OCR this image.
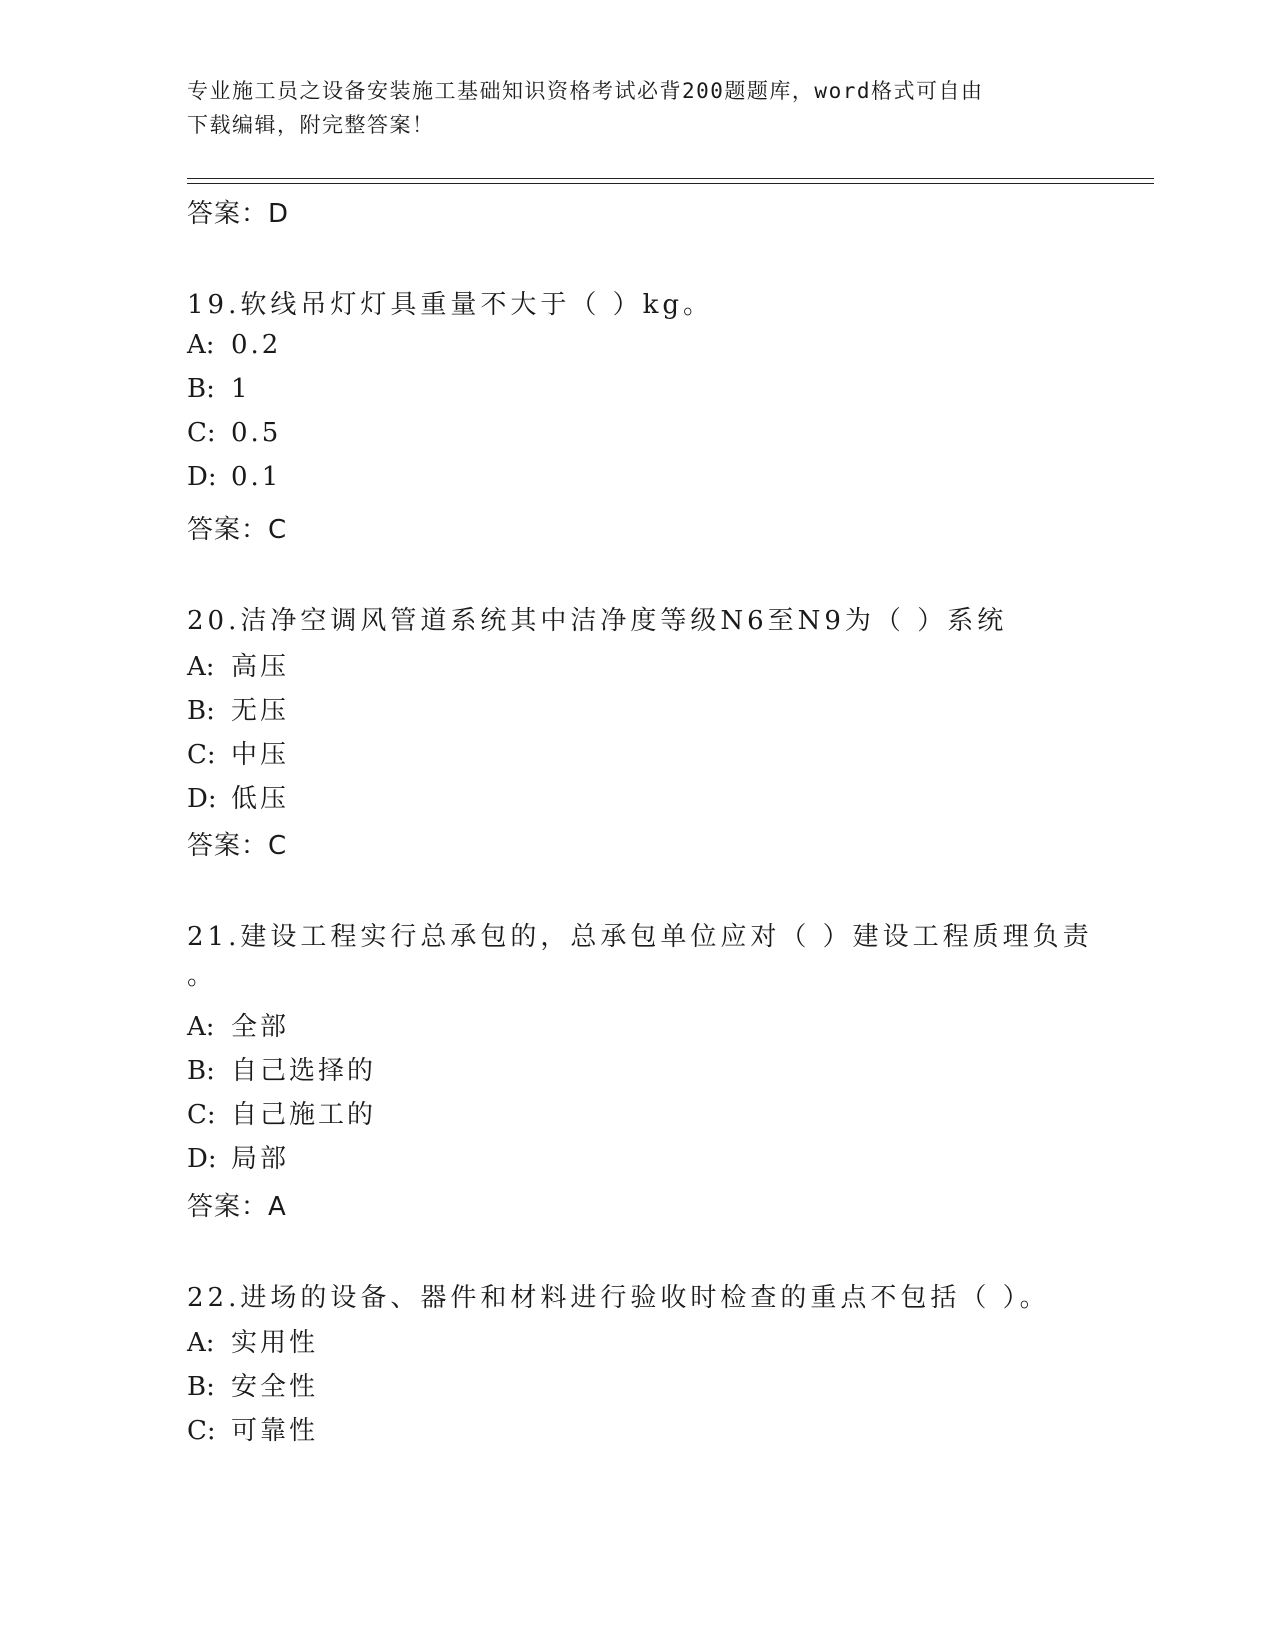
专业施工员之设备安装施工基础知识资格考试必背200题题库，word格式可自由
下载编辑，附完整答案！
答案：D
19.软线吊灯灯具重量不大于（ ）kg。
A: 0.2
B: 1
C: 0.5
D: 0.1
答案：C
20.洁净空调风管道系统其中洁净度等级N6至N9为（ ）系统
A: 高压
B: 无压
C: 中压
D: 低压
答案：C
21.建设工程实行总承包的，总承包单位应对（ ）建设工程质理负责
。
A: 全部
B: 自己选择的
C: 自己施工的
D: 局部
答案：A
22.进场的设备、器件和材料进行验收时检查的重点不包括（ ）。
A: 实用性
B: 安全性
C: 可靠性
